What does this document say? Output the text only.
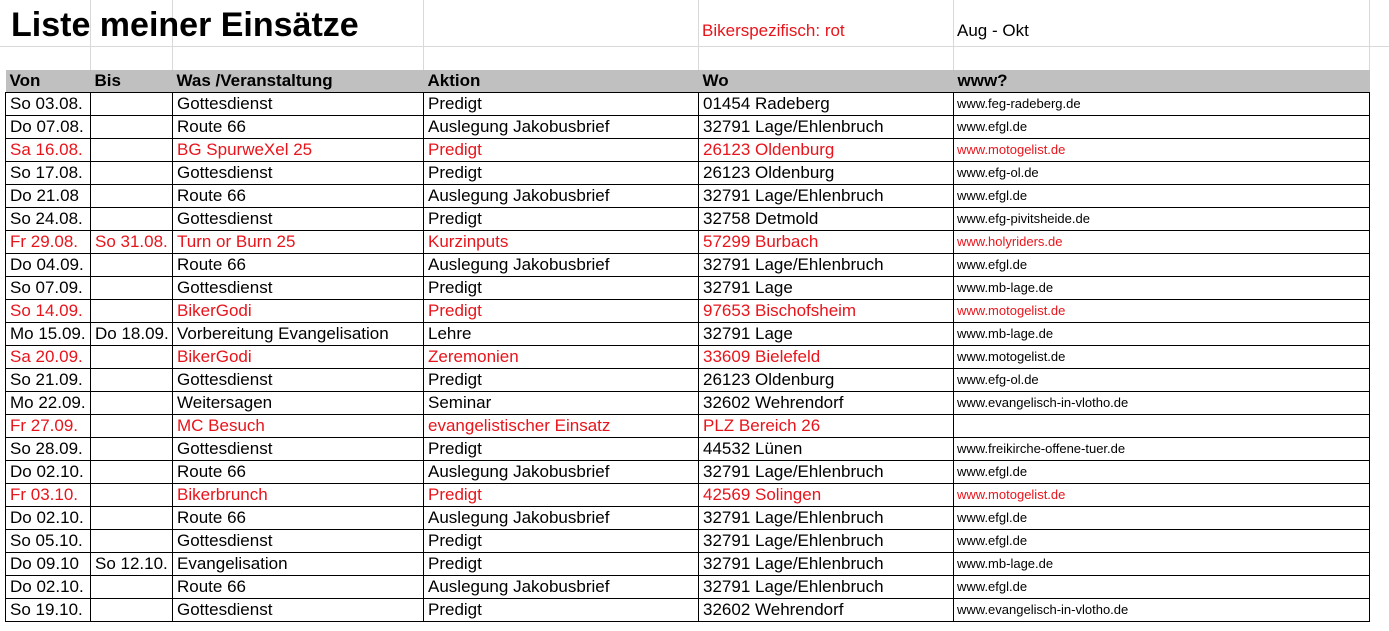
Liste meiner Einsätze	Bikerspezifisch: rot	Aug - Okt
Von	Bis	Was /Veranstaltung	Aktion	Wo	www?
So 03.08.		Gottesdienst	Predigt	01454 Radeberg	www.feg-radeberg.de
Do 07.08.		Route 66	Auslegung Jakobusbrief	32791 Lage/Ehlenbruch	www.efgl.de
Sa 16.08.		BG SpurweXel 25	Predigt	26123 Oldenburg	www.motogelist.de
So 17.08.		Gottesdienst	Predigt	26123 Oldenburg	www.efg-ol.de
Do 21.08		Route 66	Auslegung Jakobusbrief	32791 Lage/Ehlenbruch	www.efgl.de
So 24.08.		Gottesdienst	Predigt	32758 Detmold	www.efg-pivitsheide.de
Fr 29.08.	So 31.08.	Turn or Burn 25	Kurzinputs	57299 Burbach	www.holyriders.de
Do 04.09.		Route 66	Auslegung Jakobusbrief	32791 Lage/Ehlenbruch	www.efgl.de
So 07.09.		Gottesdienst	Predigt	32791 Lage	www.mb-lage.de
So 14.09.		BikerGodi	Predigt	97653 Bischofsheim	www.motogelist.de
Mo 15.09.	Do 18.09.	Vorbereitung Evangelisation	Lehre	32791 Lage	www.mb-lage.de
Sa 20.09.		BikerGodi	Zeremonien	33609 Bielefeld	www.motogelist.de
So 21.09.		Gottesdienst	Predigt	26123 Oldenburg	www.efg-ol.de
Mo 22.09.		Weitersagen	Seminar	32602 Wehrendorf	www.evangelisch-in-vlotho.de
Fr 27.09.		MC Besuch	evangelistischer Einsatz	PLZ Bereich 26	
So 28.09.		Gottesdienst	Predigt	44532 Lünen	www.freikirche-offene-tuer.de
Do 02.10.		Route 66	Auslegung Jakobusbrief	32791 Lage/Ehlenbruch	www.efgl.de
Fr 03.10.		Bikerbrunch	Predigt	42569 Solingen	www.motogelist.de
Do 02.10.		Route 66	Auslegung Jakobusbrief	32791 Lage/Ehlenbruch	www.efgl.de
So 05.10.		Gottesdienst	Predigt	32791 Lage/Ehlenbruch	www.efgl.de
Do 09.10	So 12.10.	Evangelisation	Predigt	32791 Lage/Ehlenbruch	www.mb-lage.de
Do 02.10.		Route 66	Auslegung Jakobusbrief	32791 Lage/Ehlenbruch	www.efgl.de
So 19.10.		Gottesdienst	Predigt	32602 Wehrendorf	www.evangelisch-in-vlotho.de
